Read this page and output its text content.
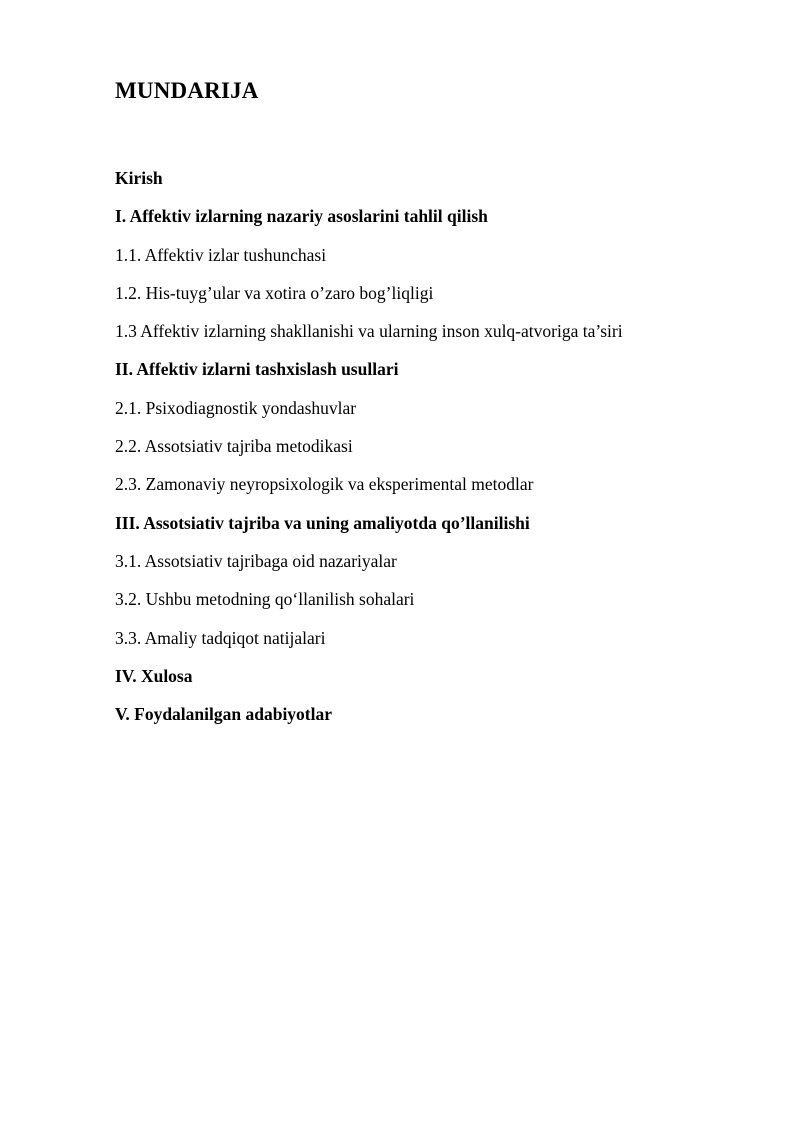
MUNDARIJA
Kirish
I. Affektiv izlarning nazariy asoslarini tahlil qilish
1.1. Affektiv izlar tushunchasi
1.2. His-tuyg’ular va xotira o’zaro bog’liqligi
1.3 Affektiv izlarning shakllanishi va ularning inson xulq-atvoriga ta’siri
II. Affektiv izlarni tashxislash usullari
2.1. Psixodiagnostik yondashuvlar
2.2. Assotsiativ tajriba metodikasi
2.3. Zamonaviy neyropsixologik va eksperimental metodlar
III. Assotsiativ tajriba va uning amaliyotda qo’llanilishi
3.1. Assotsiativ tajribaga oid nazariyalar
3.2. Ushbu metodning qo‘llanilish sohalari
3.3. Amaliy tadqiqot natijalari
IV. Xulosa
V. Foydalanilgan adabiyotlar
